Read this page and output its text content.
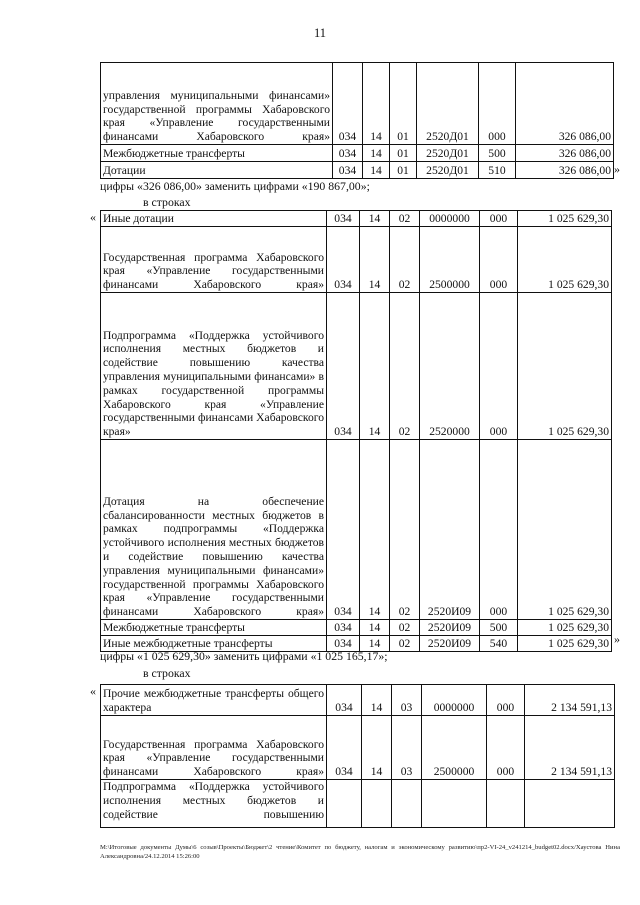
11
управления муниципальными финансами» государственной программы Хабаровского края «Управление государственными финансами Хабаровского края»	034	14	01	2520Д01	000	326 086,00
Межбюджетные трансферты	034	14	01	2520Д01	500	326 086,00
Дотации	034	14	01	2520Д01	510	326 086,00 »
цифры «326 086,00» заменить цифрами «190 867,00»;
в строках
« Иные дотации	034	14	02	0000000	000	1 025 629,30
Государственная программа Хабаровского края «Управление государственными финансами Хабаровского края»	034	14	02	2500000	000	1 025 629,30
Подпрограмма «Поддержка устойчивого исполнения местных бюджетов и содействие повышению качества управления муниципальными финансами» в рамках государственной программы Хабаровского края «Управление государственными финансами Хабаровского края»	034	14	02	2520000	000	1 025 629,30
Дотация на обеспечение сбалансированности местных бюджетов в рамках подпрограммы «Поддержка устойчивого исполнения местных бюджетов и содействие повышению качества управления муниципальными финансами» государственной программы Хабаровского края «Управление государственными финансами Хабаровского края»	034	14	02	2520И09	000	1 025 629,30
Межбюджетные трансферты	034	14	02	2520И09	500	1 025 629,30
Иные межбюджетные трансферты	034	14	02	2520И09	540	1 025 629,30 »
цифры «1 025 629,30» заменить цифрами «1 025 165,17»;
в строках
« Прочие межбюджетные трансферты общего характера	034	14	03	0000000	000	2 134 591,13
Государственная программа Хабаровского края «Управление государственными финансами Хабаровского края»	034	14	03	2500000	000	2 134 591,13
Подпрограмма «Поддержка устойчивого исполнения местных бюджетов и содействие повышению						
M:\Итоговые документы Думы\6 созыв\Проекты\Бюджет\2 чтение\Комитет по бюджету, налогам и экономическому развитию\пр2-VI-24_v241214_budget02.docx/Хаустова Нина Александровна/24.12.2014 15:26:00
